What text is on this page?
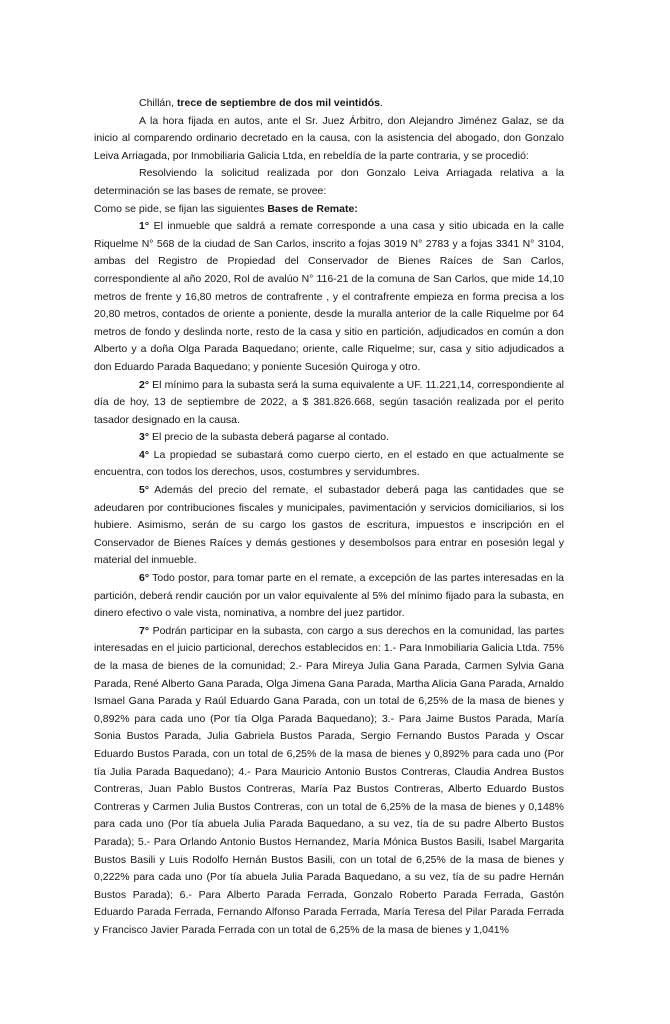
Chillán, trece de septiembre de dos mil veintidós.

A la hora fijada en autos, ante el Sr. Juez Árbitro, don Alejandro Jiménez Galaz, se da inicio al comparendo ordinario decretado en la causa, con la asistencia del abogado, don Gonzalo Leiva Arriagada, por Inmobiliaria Galicia Ltda, en rebeldía de la parte contraria, y se procedió:

Resolviendo la solicitud realizada por don Gonzalo Leiva Arriagada relativa a la determinación se las bases de remate, se provee:

Como se pide, se fijan las siguientes Bases de Remate:

1° El inmueble que saldrá a remate corresponde a una casa y sitio ubicada en la calle Riquelme N° 568 de la ciudad de San Carlos, inscrito a fojas 3019 N° 2783 y a fojas 3341 N° 3104, ambas del Registro de Propiedad del Conservador de Bienes Raíces de San Carlos, correspondiente al año 2020, Rol de avalúo N° 116-21 de la comuna de San Carlos, que mide 14,10 metros de frente y 16,80 metros de contrafrente , y el contrafrente empieza en forma precisa a los 20,80 metros, contados de oriente a poniente, desde la muralla anterior de la calle Riquelme por 64 metros de fondo y deslinda norte, resto de la casa y sitio en partición, adjudicados en común a don Alberto y a doña Olga Parada Baquedano; oriente, calle Riquelme; sur, casa y sitio adjudicados a don Eduardo Parada Baquedano; y poniente Sucesión Quiroga y otro.

2° El mínimo para la subasta será la suma equivalente a UF. 11.221,14, correspondiente al día de hoy, 13 de septiembre de 2022, a $ 381.826.668, según tasación realizada por el perito tasador designado en la causa.

3° El precio de la subasta deberá pagarse al contado.

4° La propiedad se subastará como cuerpo cierto, en el estado en que actualmente se encuentra, con todos los derechos, usos, costumbres y servidumbres.

5° Además del precio del remate, el subastador deberá paga las cantidades que se adeudaren por contribuciones fiscales y municipales, pavimentación y servicios domiciliarios, si los hubiere. Asimismo, serán de su cargo los gastos de escritura, impuestos e inscripción en el Conservador de Bienes Raíces y demás gestiones y desembolsos para entrar en posesión legal y material del inmueble.

6° Todo postor, para tomar parte en el remate, a excepción de las partes interesadas en la partición, deberá rendir caución por un valor equivalente al 5% del mínimo fijado para la subasta, en dinero efectivo o vale vista, nominativa, a nombre del juez partidor.

7° Podrán participar en la subasta, con cargo a sus derechos en la comunidad, las partes interesadas en el juicio particional, derechos establecidos en: 1.- Para Inmobiliaria Galicia Ltda. 75% de la masa de bienes de la comunidad; 2.- Para Mireya Julia Gana Parada, Carmen Sylvia Gana Parada, René Alberto Gana Parada, Olga Jimena Gana Parada, Martha Alicia Gana Parada, Arnaldo Ismael Gana Parada y Raúl Eduardo Gana Parada, con un total de 6,25% de la masa de bienes y 0,892% para cada uno (Por tía Olga Parada Baquedano); 3.- Para Jaime Bustos Parada, María Sonia Bustos Parada, Julia Gabriela Bustos Parada, Sergio Fernando Bustos Parada y Oscar Eduardo Bustos Parada, con un total de 6,25% de la masa de bienes y 0,892% para cada uno (Por tía Julia Parada Baquedano); 4.- Para Mauricio Antonio Bustos Contreras, Claudia Andrea Bustos Contreras, Juan Pablo Bustos Contreras, María Paz Bustos Contreras, Alberto Eduardo Bustos Contreras y Carmen Julia Bustos Contreras, con un total de 6,25% de la masa de bienes y 0,148% para cada uno (Por tía abuela Julia Parada Baquedano, a su vez, tía de su padre Alberto Bustos Parada); 5.- Para Orlando Antonio Bustos Hernandez, María Mónica Bustos Basili, Isabel Margarita Bustos Basili y Luis Rodolfo Hernán Bustos Basili, con un total de 6,25% de la masa de bienes y 0,222% para cada uno (Por tía abuela Julia Parada Baquedano, a su vez, tía de su padre Hernán Bustos Parada); 6.- Para Alberto Parada Ferrada, Gonzalo Roberto Parada Ferrada, Gastón Eduardo Parada Ferrada, Fernando Alfonso Parada Ferrada, María Teresa del Pilar Parada Ferrada y Francisco Javier Parada Ferrada con un total de 6,25% de la masa de bienes y 1,041%
